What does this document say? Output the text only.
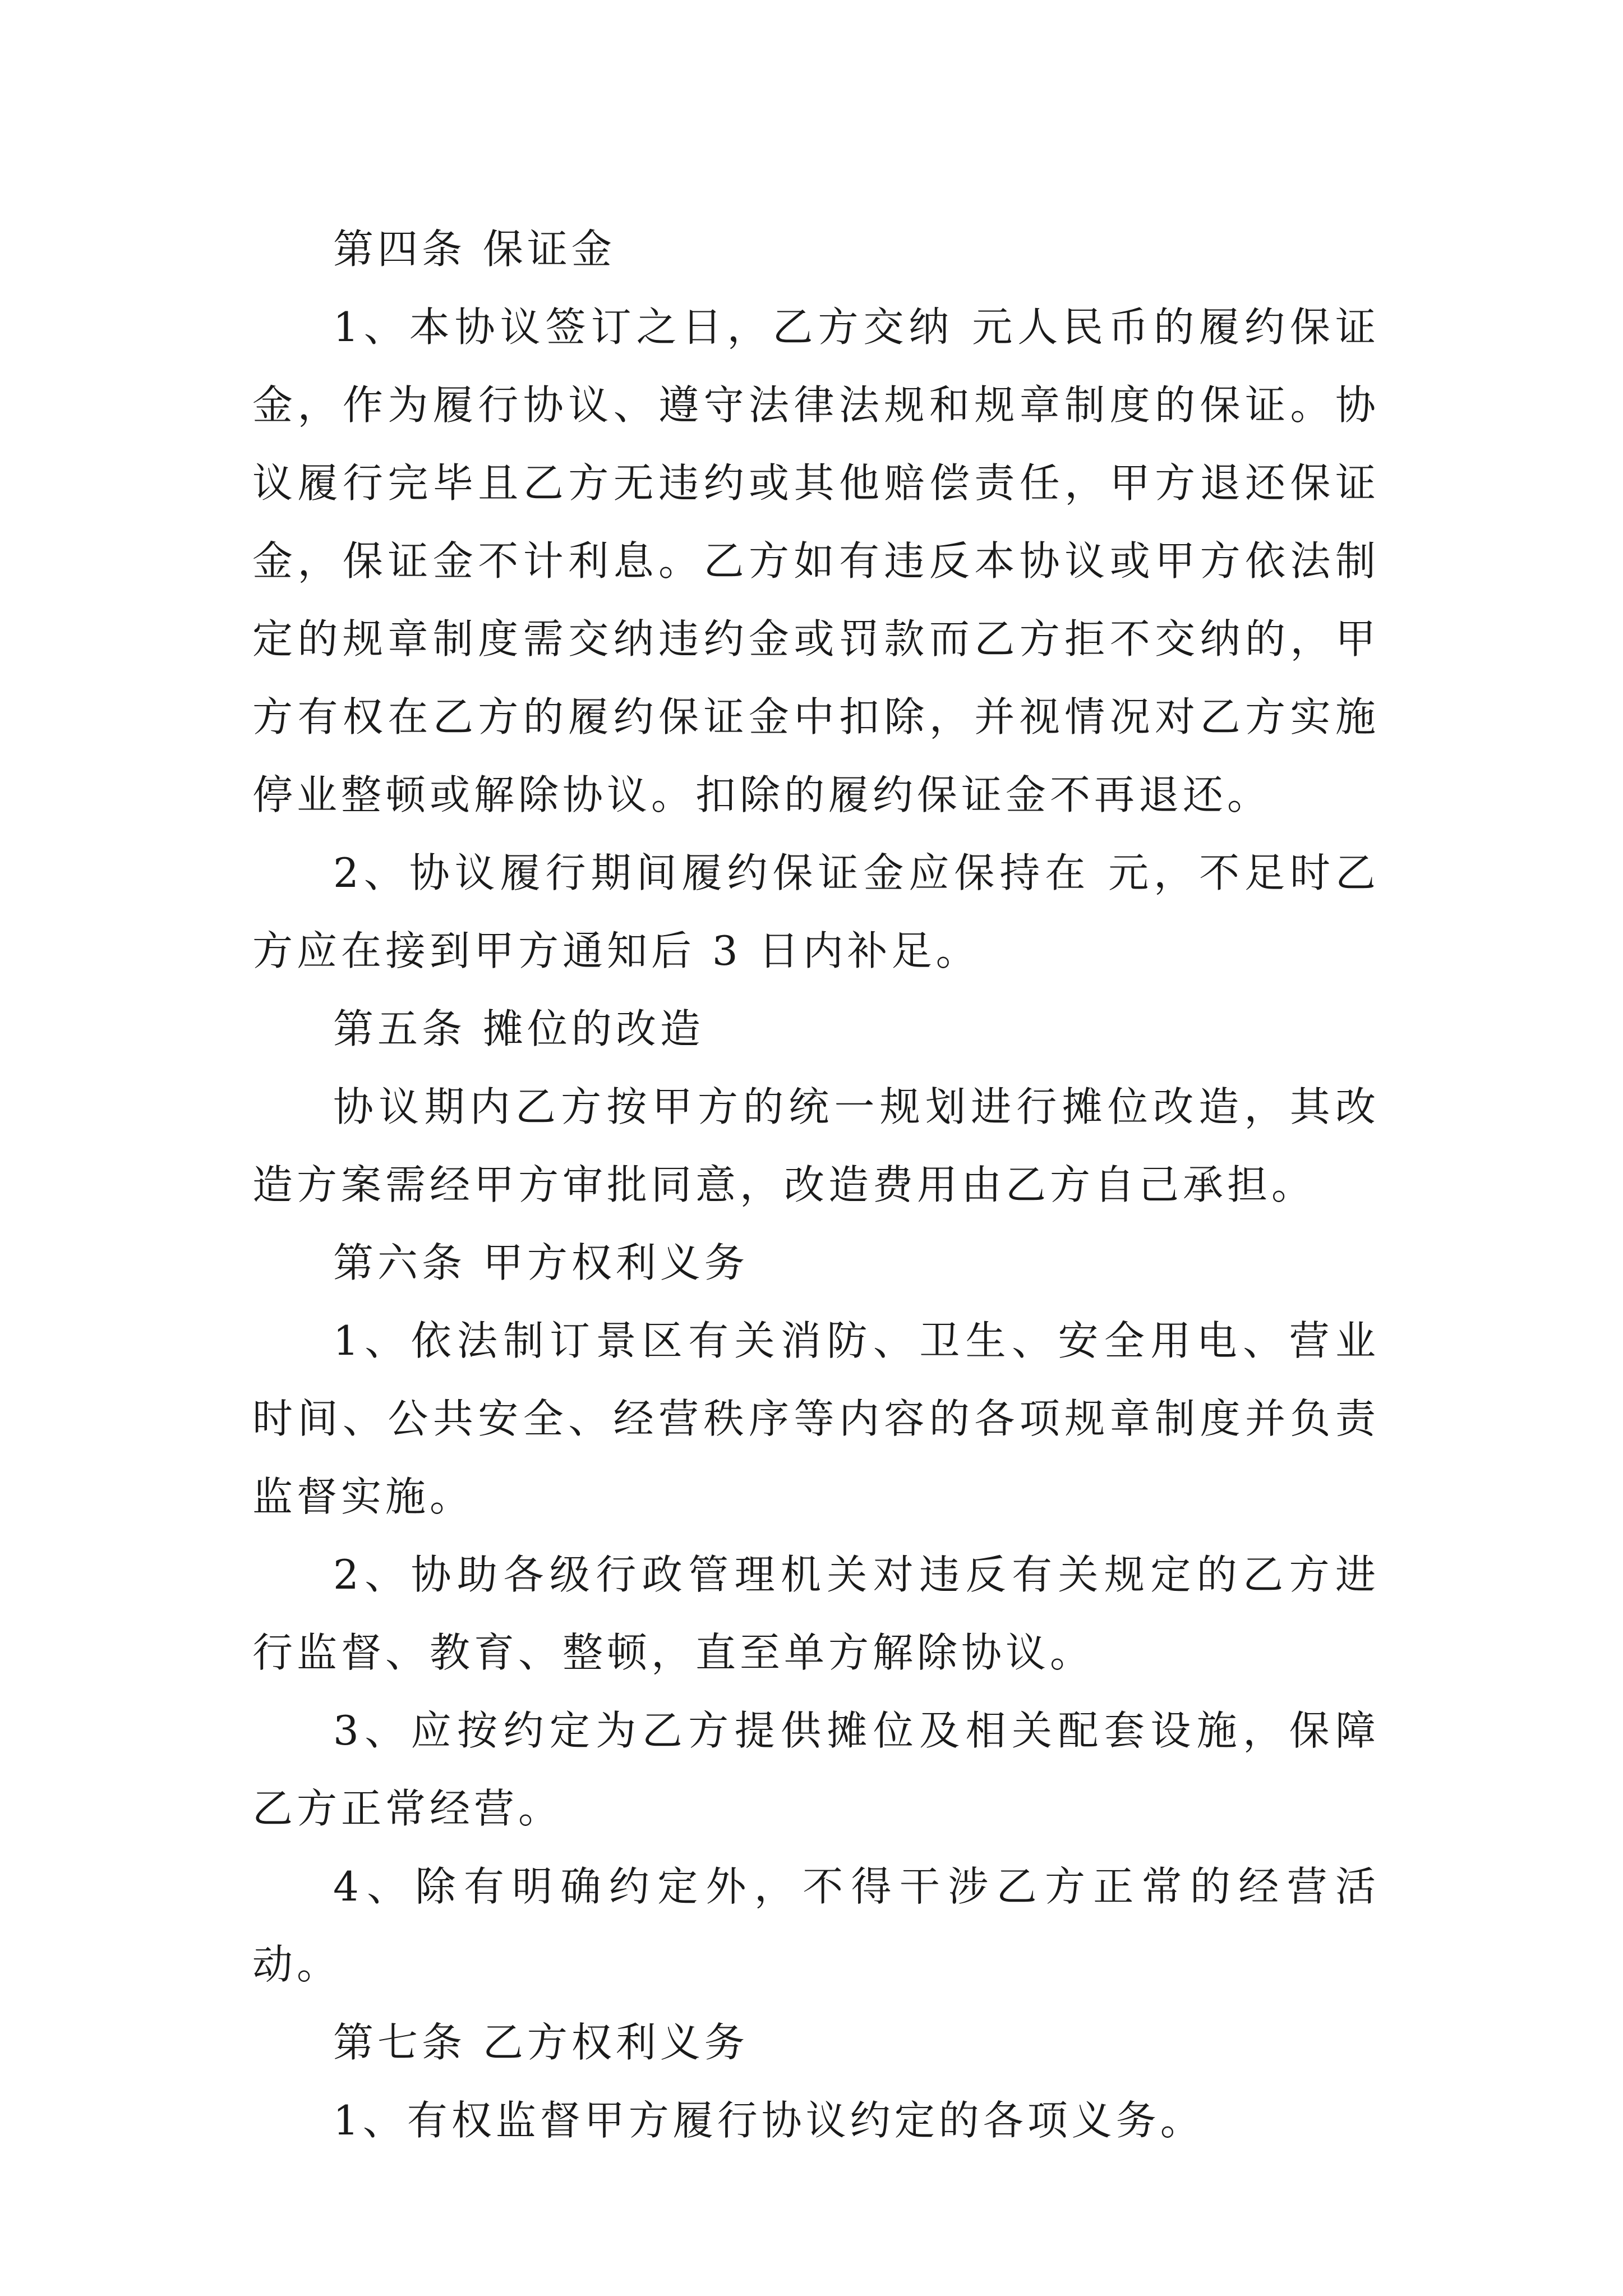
第四条 保证金

1、本协议签订之日，乙方交纳 元人民币的履约保证金，作为履行协议、遵守法律法规和规章制度的保证。协议履行完毕且乙方无违约或其他赔偿责任，甲方退还保证金，保证金不计利息。乙方如有违反本协议或甲方依法制定的规章制度需交纳违约金或罚款而乙方拒不交纳的，甲方有权在乙方的履约保证金中扣除，并视情况对乙方实施停业整顿或解除协议。扣除的履约保证金不再退还。

2、协议履行期间履约保证金应保持在 元，不足时乙方应在接到甲方通知后 3 日内补足。

第五条 摊位的改造

协议期内乙方按甲方的统一规划进行摊位改造，其改造方案需经甲方审批同意，改造费用由乙方自己承担。

第六条 甲方权利义务

1、依法制订景区有关消防、卫生、安全用电、营业时间、公共安全、经营秩序等内容的各项规章制度并负责监督实施。

2、协助各级行政管理机关对违反有关规定的乙方进行监督、教育、整顿，直至单方解除协议。

3、应按约定为乙方提供摊位及相关配套设施，保障乙方正常经营。

4、除有明确约定外，不得干涉乙方正常的经营活动。

第七条 乙方权利义务

1、有权监督甲方履行协议约定的各项义务。
